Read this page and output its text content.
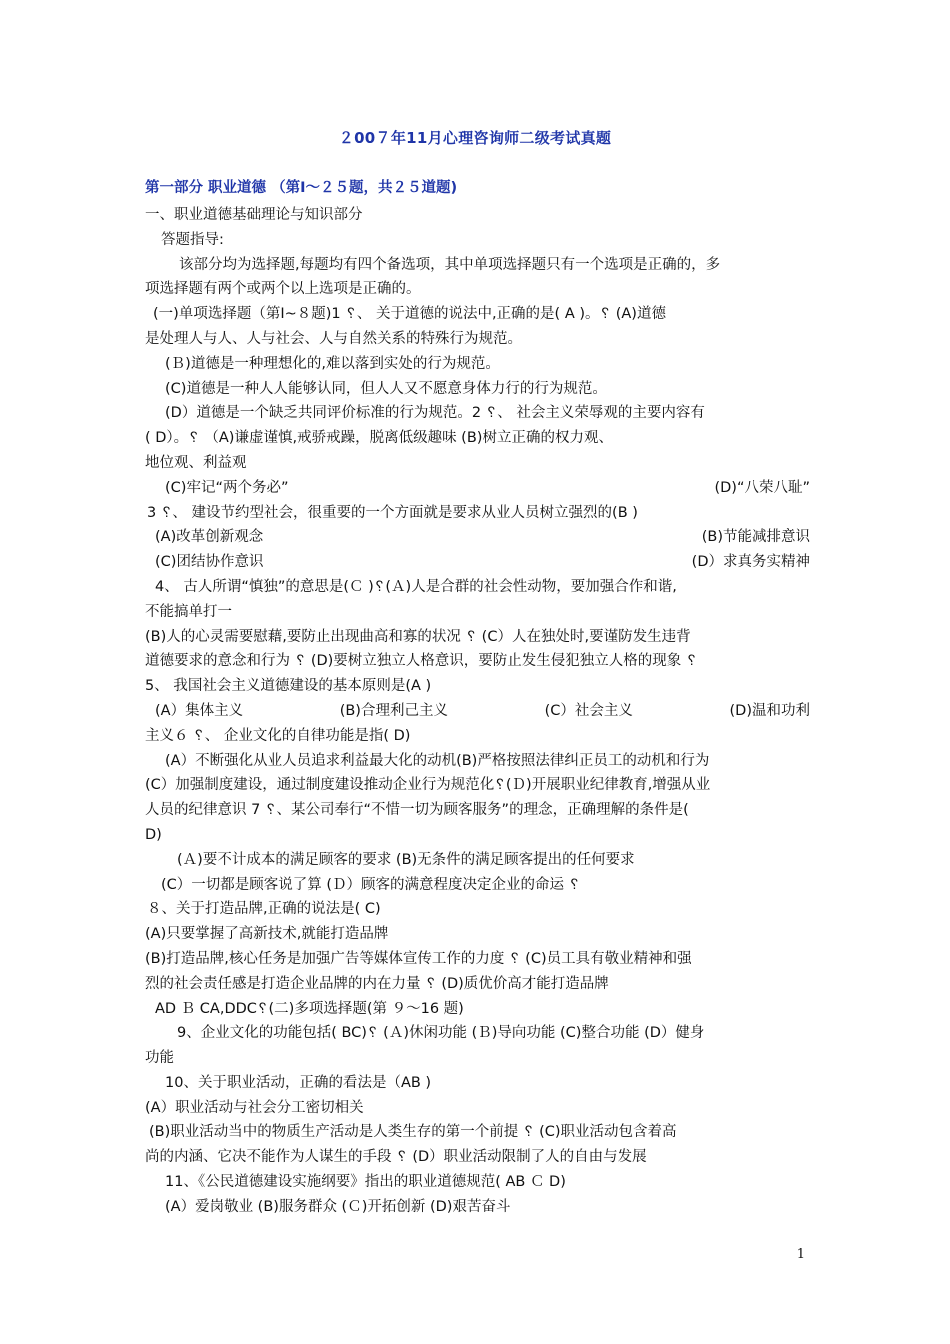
２00７年11月心理咨询师二级考试真题
第一部分 职业道德 （第Ⅰ～２５题，共２５道题)
一、职业道德基础理论与知识部分
答题指导:
该部分均为选择题,每题均有四个备选项，其中单项选择题只有一个选项是正确的，多
项选择题有两个或两个以上选项是正确的。
(一)单项选择题（第Ⅰ~８题)1 ␦、 关于道德的说法中,正确的是( A )。␦ (A)道德
是处理人与人、人与社会、人与自然关系的特殊行为规范。
(Ｂ)道德是一种理想化的,难以落到实处的行为规范。
(C)道德是一种人人能够认同，但人人又不愿意身体力行的行为规范。
(D）道德是一个缺乏共同评价标准的行为规范。2 ␦、 社会主义荣辱观的主要内容有
( D）。␦ （A)谦虚谨慎,戒骄戒躁，脱离低级趣味 (B)树立正确的权力观、
地位观、利益观
(C)牢记“两个务必”	(D)“八荣八耻”
3 ␦、 建设节约型社会，很重要的一个方面就是要求从业人员树立强烈的(B )
(A)改革创新观念	(B)节能减排意识
(C)团结协作意识	(D）求真务实精神
4、 古人所谓“慎独”的意思是(Ｃ )␦(Ａ)人是合群的社会性动物，要加强合作和谐,
不能搞单打一
(B)人的心灵需要慰藉,要防止出现曲高和寡的状况 ␦ (C）人在独处时,要谨防发生违背
道德要求的意念和行为 ␦ (D)要树立独立人格意识，要防止发生侵犯独立人格的现象 ␦
5、 我国社会主义道德建设的基本原则是(A )
(A）集体主义	(B)合理利己主义	(C）社会主义	(D)温和功利
主义６ ␦、 企业文化的自律功能是指( D)
(A）不断强化从业人员追求利益最大化的动机(B)严格按照法律纠正员工的动机和行为
(C）加强制度建设，通过制度建设推动企业行为规范化␦(Ｄ)开展职业纪律教育,增强从业
人员的纪律意识 7 ␦、某公司奉行“不惜一切为顾客服务”的理念，正确理解的条件是(
D)
(Ａ)要不计成本的满足顾客的要求 (B)无条件的满足顾客提出的任何要求
(C）一切都是顾客说了算 (Ｄ）顾客的满意程度决定企业的命运 ␦
８、关于打造品牌,正确的说法是( C)
(A)只要掌握了高新技术,就能打造品牌
(B)打造品牌,核心任务是加强广告等媒体宣传工作的力度 ␦ (C)员工具有敬业精神和强
烈的社会责任感是打造企业品牌的内在力量 ␦ (D)质优价高才能打造品牌
AD Ｂ CA,DDC␦(二)多项选择题(第 ９～16 题)
9、企业文化的功能包括( BC)␦ (Ａ)休闲功能 (Ｂ)导向功能 (C)整合功能 (D）健身
功能
10、关于职业活动，正确的看法是（AB )
(A）职业活动与社会分工密切相关
(B)职业活动当中的物质生产活动是人类生存的第一个前提 ␦ (C)职业活动包含着高
尚的内涵、它决不能作为人谋生的手段 ␦ (D）职业活动限制了人的自由与发展
11、《公民道德建设实施纲要》指出的职业道德规范( AB Ｃ D)
(A）爱岗敬业 (B)服务群众 (Ｃ)开拓创新 (D)艰苦奋斗
1
